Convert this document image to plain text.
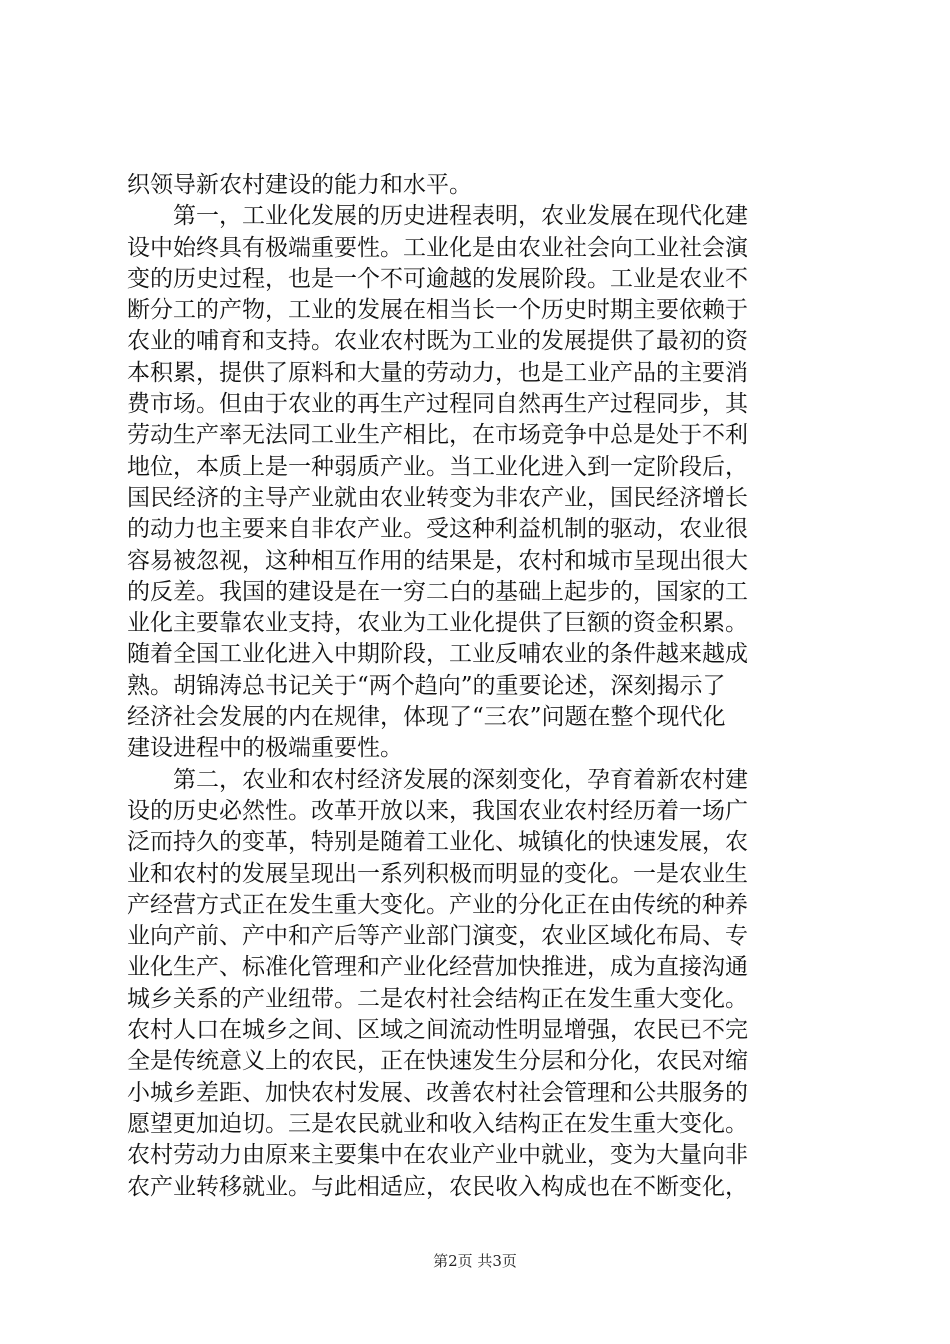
织领导新农村建设的能力和水平。
第一，工业化发展的历史进程表明，农业发展在现代化建
设中始终具有极端重要性。工业化是由农业社会向工业社会演
变的历史过程，也是一个不可逾越的发展阶段。工业是农业不
断分工的产物，工业的发展在相当长一个历史时期主要依赖于
农业的哺育和支持。农业农村既为工业的发展提供了最初的资
本积累，提供了原料和大量的劳动力，也是工业产品的主要消
费市场。但由于农业的再生产过程同自然再生产过程同步，其
劳动生产率无法同工业生产相比，在市场竞争中总是处于不利
地位，本质上是一种弱质产业。当工业化进入到一定阶段后，
国民经济的主导产业就由农业转变为非农产业，国民经济增长
的动力也主要来自非农产业。受这种利益机制的驱动，农业很
容易被忽视，这种相互作用的结果是，农村和城市呈现出很大
的反差。我国的建设是在一穷二白的基础上起步的，国家的工
业化主要靠农业支持，农业为工业化提供了巨额的资金积累。
随着全国工业化进入中期阶段，工业反哺农业的条件越来越成
熟。胡锦涛总书记关于“两个趋向”的重要论述，深刻揭示了
经济社会发展的内在规律，体现了“三农”问题在整个现代化
建设进程中的极端重要性。
第二，农业和农村经济发展的深刻变化，孕育着新农村建
设的历史必然性。改革开放以来，我国农业农村经历着一场广
泛而持久的变革，特别是随着工业化、城镇化的快速发展，农
业和农村的发展呈现出一系列积极而明显的变化。一是农业生
产经营方式正在发生重大变化。产业的分化正在由传统的种养
业向产前、产中和产后等产业部门演变，农业区域化布局、专
业化生产、标准化管理和产业化经营加快推进，成为直接沟通
城乡关系的产业纽带。二是农村社会结构正在发生重大变化。
农村人口在城乡之间、区域之间流动性明显增强，农民已不完
全是传统意义上的农民，正在快速发生分层和分化，农民对缩
小城乡差距、加快农村发展、改善农村社会管理和公共服务的
愿望更加迫切。三是农民就业和收入结构正在发生重大变化。
农村劳动力由原来主要集中在农业产业中就业，变为大量向非
农产业转移就业。与此相适应，农民收入构成也在不断变化，
第2页 共3页
